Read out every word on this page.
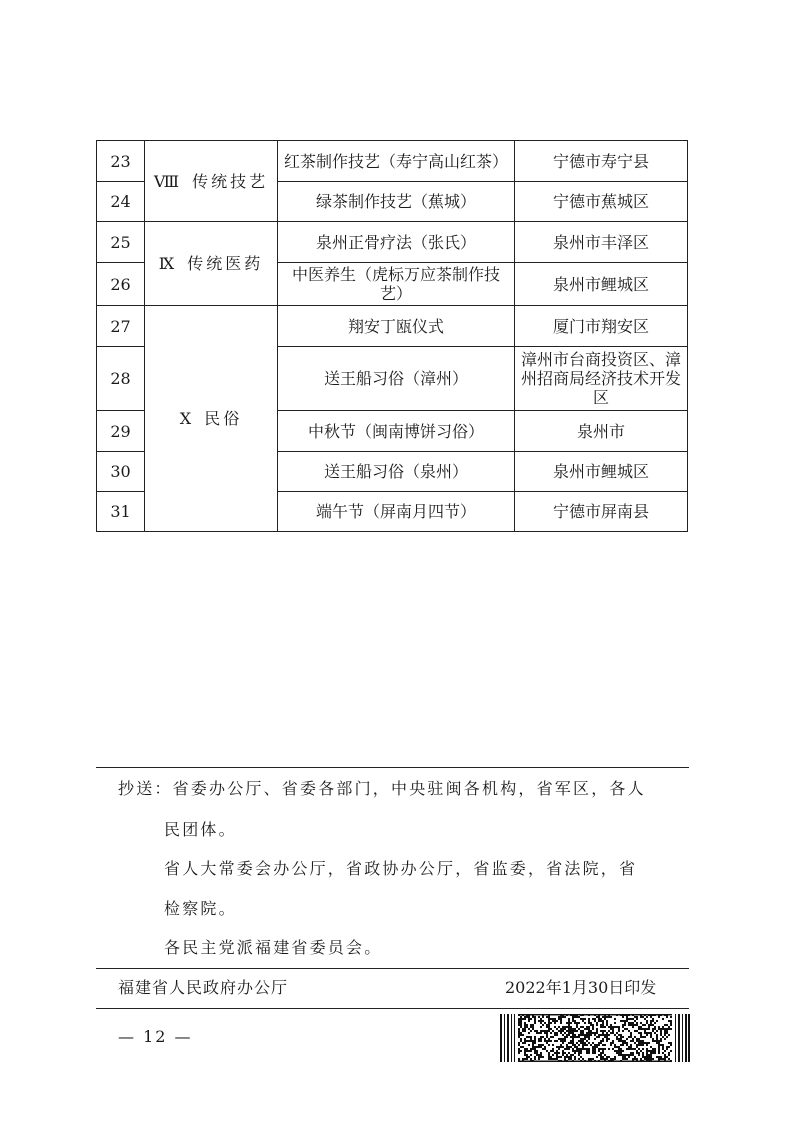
23	Ⅷ 传统技艺	红茶制作技艺（寿宁高山红茶）	宁德市寿宁县
24		绿茶制作技艺（蕉城）	宁德市蕉城区
25	Ⅸ 传统医药	泉州正骨疗法（张氏）	泉州市丰泽区
26		中医养生（虎标万应茶制作技艺）	泉州市鲤城区
27	Ⅹ 民俗	翔安丁瓯仪式	厦门市翔安区
28		送王船习俗（漳州）	漳州市台商投资区、漳州招商局经济技术开发区
29		中秋节（闽南博饼习俗）	泉州市
30		送王船习俗（泉州）	泉州市鲤城区
31		端午节（屏南月四节）	宁德市屏南县
抄送：省委办公厅、省委各部门，中央驻闽各机构，省军区，各人
民团体。
省人大常委会办公厅，省政协办公厅，省监委，省法院，省
检察院。
各民主党派福建省委员会。
福建省人民政府办公厅	2022年1月30日印发
— 12 —
